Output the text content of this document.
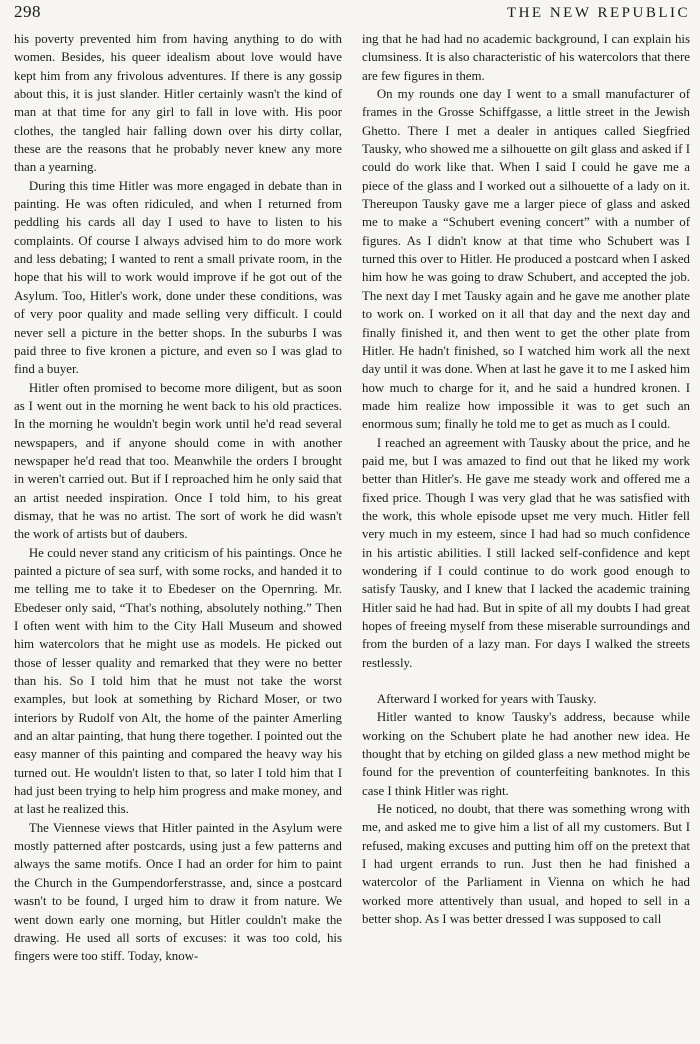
298	THE NEW REPUBLIC

his poverty prevented him from having anything to do with women. Besides, his queer idealism about love would have kept him from any frivolous adventures. If there is any gossip about this, it is just slander. Hitler certainly wasn't the kind of man at that time for any girl to fall in love with. His poor clothes, the tangled hair falling down over his dirty collar, these are the reasons that he probably never knew any more than a yearning.

During this time Hitler was more engaged in debate than in painting. He was often ridiculed, and when I returned from peddling his cards all day I used to have to listen to his complaints. Of course I always advised him to do more work and less debating; I wanted to rent a small private room, in the hope that his will to work would improve if he got out of the Asylum. Too, Hitler's work, done under these conditions, was of very poor quality and made selling very difficult. I could never sell a picture in the better shops. In the suburbs I was paid three to five kronen a picture, and even so I was glad to find a buyer.

Hitler often promised to become more diligent, but as soon as I went out in the morning he went back to his old practices. In the morning he wouldn't begin work until he'd read several newspapers, and if anyone should come in with another newspaper he'd read that too. Meanwhile the orders I brought in weren't carried out. But if I reproached him he only said that an artist needed inspiration. Once I told him, to his great dismay, that he was no artist. The sort of work he did wasn't the work of artists but of daubers.

He could never stand any criticism of his paintings. Once he painted a picture of sea surf, with some rocks, and handed it to me telling me to take it to Ebedeser on the Opernring. Mr. Ebedeser only said, “That's nothing, absolutely nothing.” Then I often went with him to the City Hall Museum and showed him watercolors that he might use as models. He picked out those of lesser quality and remarked that they were no better than his. So I told him that he must not take the worst examples, but look at something by Richard Moser, or two interiors by Rudolf von Alt, the home of the painter Amerling and an altar painting, that hung there together. I pointed out the easy manner of this painting and compared the heavy way his turned out. He wouldn't listen to that, so later I told him that I had just been trying to help him progress and make money, and at last he realized this.

The Viennese views that Hitler painted in the Asylum were mostly patterned after postcards, using just a few patterns and always the same motifs. Once I had an order for him to paint the Church in the Gumpendorferstrasse, and, since a postcard wasn't to be found, I urged him to draw it from nature. We went down early one morning, but Hitler couldn't make the drawing. He used all sorts of excuses: it was too cold, his fingers were too stiff. Today, know-

ing that he had had no academic background, I can explain his clumsiness. It is also characteristic of his watercolors that there are few figures in them.

On my rounds one day I went to a small manufacturer of frames in the Grosse Schiffgasse, a little street in the Jewish Ghetto. There I met a dealer in antiques called Siegfried Tausky, who showed me a silhouette on gilt glass and asked if I could do work like that. When I said I could he gave me a piece of the glass and I worked out a silhouette of a lady on it. Thereupon Tausky gave me a larger piece of glass and asked me to make a “Schubert evening concert” with a number of figures. As I didn't know at that time who Schubert was I turned this over to Hitler. He produced a postcard when I asked him how he was going to draw Schubert, and accepted the job. The next day I met Tausky again and he gave me another plate to work on. I worked on it all that day and the next day and finally finished it, and then went to get the other plate from Hitler. He hadn't finished, so I watched him work all the next day until it was done. When at last he gave it to me I asked him how much to charge for it, and he said a hundred kronen. I made him realize how impossible it was to get such an enormous sum; finally he told me to get as much as I could.

I reached an agreement with Tausky about the price, and he paid me, but I was amazed to find out that he liked my work better than Hitler's. He gave me steady work and offered me a fixed price. Though I was very glad that he was satisfied with the work, this whole episode upset me very much. Hitler fell very much in my esteem, since I had had so much confidence in his artistic abilities. I still lacked self-confidence and kept wondering if I could continue to do work good enough to satisfy Tausky, and I knew that I lacked the academic training Hitler said he had had. But in spite of all my doubts I had great hopes of freeing myself from these miserable surroundings and from the burden of a lazy man. For days I walked the streets restlessly.

Afterward I worked for years with Tausky.

Hitler wanted to know Tausky's address, because while working on the Schubert plate he had another new idea. He thought that by etching on gilded glass a new method might be found for the prevention of counterfeiting banknotes. In this case I think Hitler was right.

He noticed, no doubt, that there was something wrong with me, and asked me to give him a list of all my customers. But I refused, making excuses and putting him off on the pretext that I had urgent errands to run. Just then he had finished a watercolor of the Parliament in Vienna on which he had worked more attentively than usual, and hoped to sell in a better shop. As I was better dressed I was supposed to call
